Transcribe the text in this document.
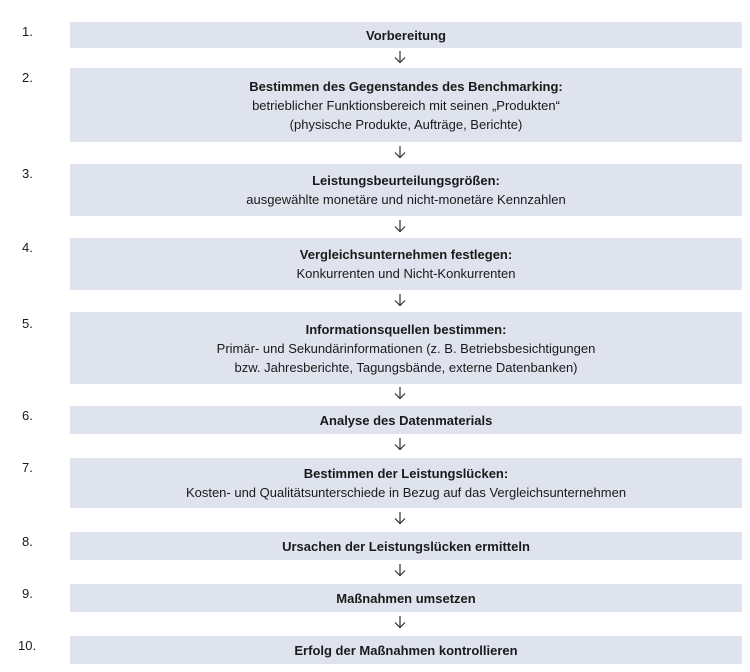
1.	Vorbereitung
2.
Bestimmen des Gegenstandes des Benchmarking:
betrieblicher Funktionsbereich mit seinen „Produkten“
(physische Produkte, Aufträge, Berichte)
3.	Leistungsbeurteilungsgrößen:
ausgewählte monetäre und nicht-monetäre Kennzahlen
4.	Vergleichsunternehmen festlegen:
Konkurrenten und Nicht-Konkurrenten
5.	Informationsquellen bestimmen:
Primär- und Sekundärinformationen (z. B. Betriebsbesichtigungen
bzw. Jahresberichte, Tagungsbände, externe Datenbanken)
6.	Analyse des Datenmaterials
7.	Bestimmen der Leistungslücken:
Kosten- und Qualitätsunterschiede in Bezug auf das Vergleichsunternehmen
8.	Ursachen der Leistungslücken ermitteln
9.	Maßnahmen umsetzen
10.	Erfolg der Maßnahmen kontrollieren
